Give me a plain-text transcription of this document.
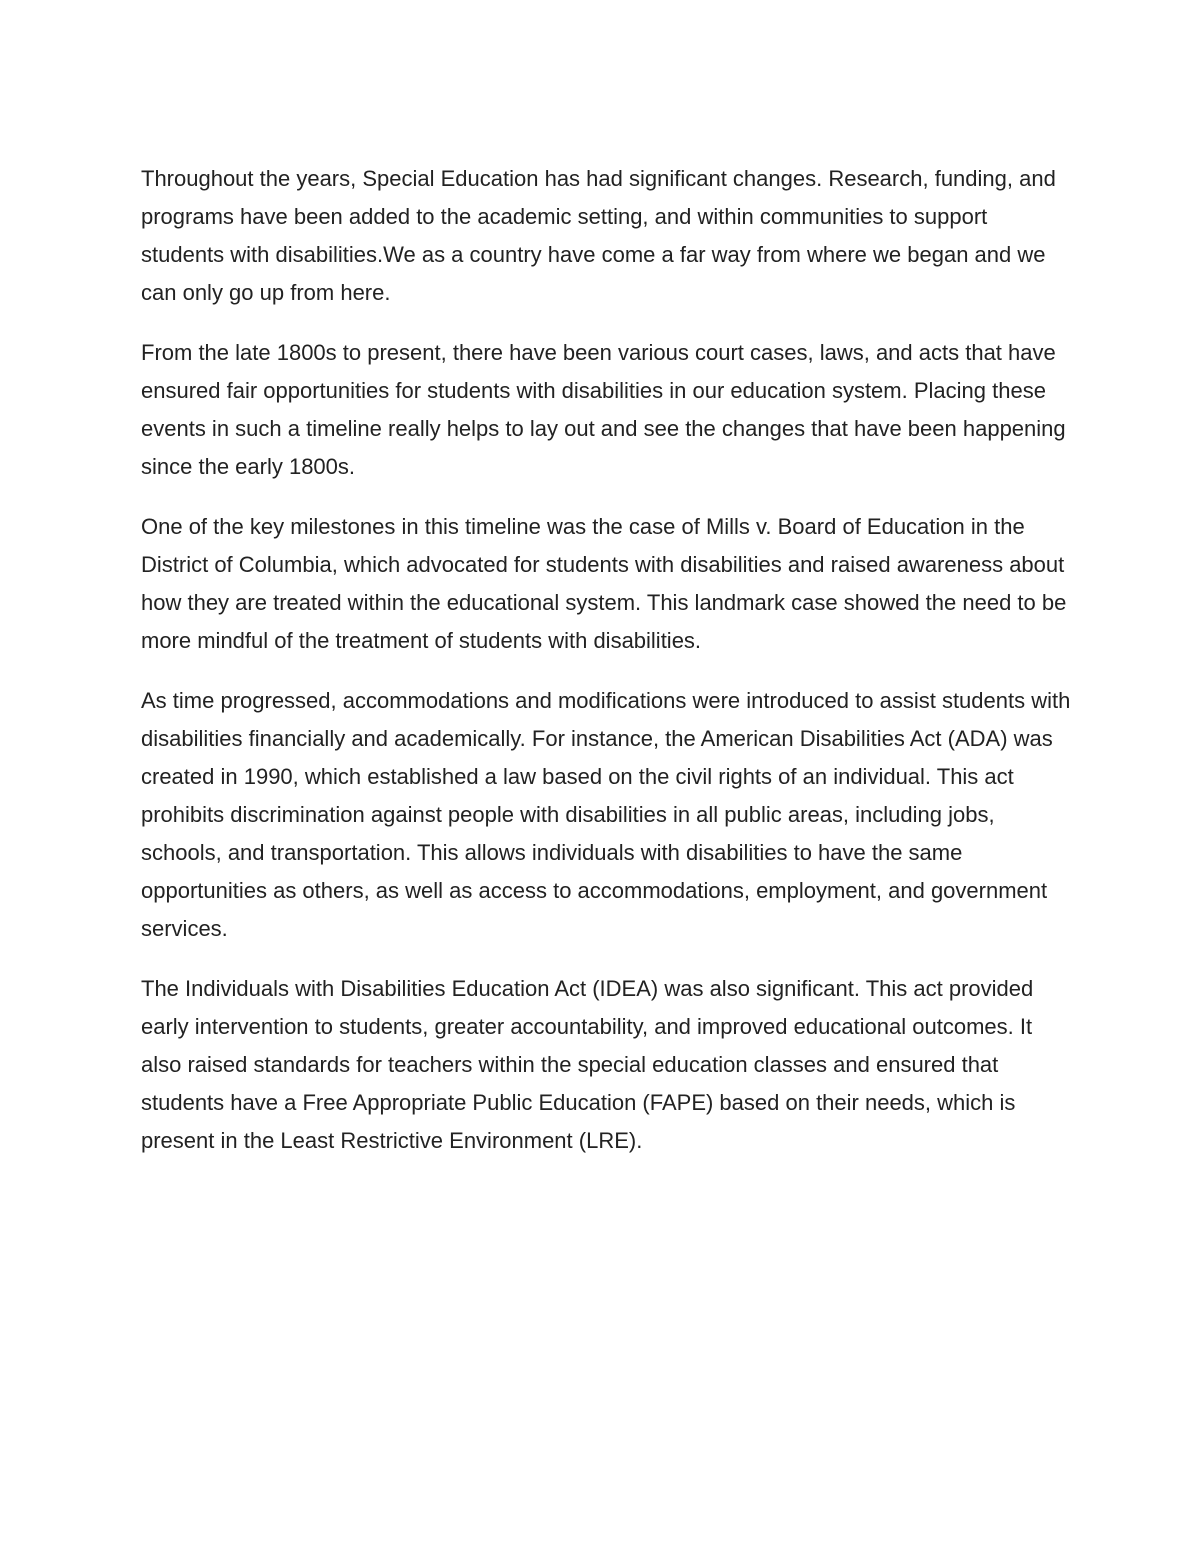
Throughout the years, Special Education has had significant changes. Research, funding, and programs have been added to the academic setting, and within communities to support students with disabilities.We as a country have come a far way from where we began and we can only go up from here.

From the late 1800s to present, there have been various court cases, laws, and acts that have ensured fair opportunities for students with disabilities in our education system. Placing these events in such a timeline really helps to lay out and see the changes that have been happening since the early 1800s.

One of the key milestones in this timeline was the case of Mills v. Board of Education in the District of Columbia, which advocated for students with disabilities and raised awareness about how they are treated within the educational system. This landmark case showed the need to be more mindful of the treatment of students with disabilities.

As time progressed, accommodations and modifications were introduced to assist students with disabilities financially and academically. For instance, the American Disabilities Act (ADA) was created in 1990, which established a law based on the civil rights of an individual. This act prohibits discrimination against people with disabilities in all public areas, including jobs, schools, and transportation. This allows individuals with disabilities to have the same opportunities as others, as well as access to accommodations, employment, and government services.

The Individuals with Disabilities Education Act (IDEA) was also significant. This act provided early intervention to students, greater accountability, and improved educational outcomes. It also raised standards for teachers within the special education classes and ensured that students have a Free Appropriate Public Education (FAPE) based on their needs, which is present in the Least Restrictive Environment (LRE).
